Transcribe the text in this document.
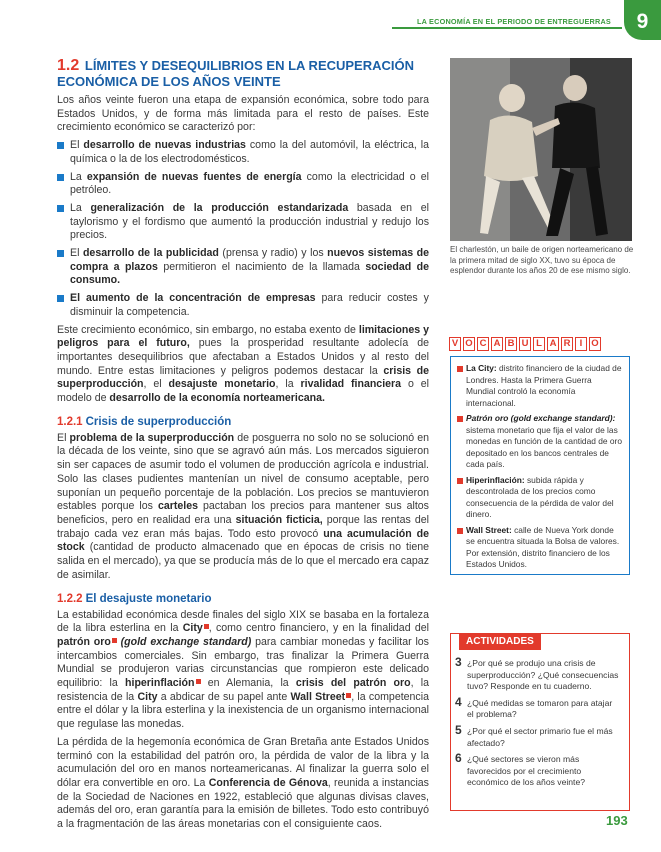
LA ECONOMÍA EN EL PERIODO DE ENTREGUERRAS	9
1.2 LÍMITES Y DESEQUILIBRIOS EN LA RECUPERACIÓN
ECONÓMICA DE LOS AÑOS VEINTE

Los años veinte fueron una etapa de expansión económica, sobre todo para Estados Unidos, y de forma más limitada para el resto de países. Este crecimiento económico se caracterizó por:

El desarrollo de nuevas industrias como la del automóvil, la eléctrica, la química o la de los electrodomésticos.
La expansión de nuevas fuentes de energía como la electricidad o el petróleo.
La generalización de la producción estandarizada basada en el taylorismo y el fordismo que aumentó la producción industrial y redujo los precios.
El desarrollo de la publicidad (prensa y radio) y los nuevos sistemas de compra a plazos permitieron el nacimiento de la llamada sociedad de consumo.
El aumento de la concentración de empresas para reducir costes y disminuir la competencia.

Este crecimiento económico, sin embargo, no estaba exento de limitaciones y peligros para el futuro, pues la prosperidad resultante adolecía de importantes desequilibrios que afectaban a Estados Unidos y al resto del mundo. Entre estas limitaciones y peligros podemos destacar la crisis de superproducción, el desajuste monetario, la rivalidad financiera o el modelo de desarrollo de la economía norteamericana.

1.2.1 Crisis de superproducción

El problema de la superproducción de posguerra no solo no se solucionó en la década de los veinte, sino que se agravó aún más. Los mercados siguieron sin ser capaces de asumir todo el volumen de producción agrícola e industrial. Solo las clases pudientes mantenían un nivel de consumo aceptable, pero suponían un pequeño porcentaje de la población. Los precios se mantuvieron estables porque los carteles pactaban los precios para mantener sus altos beneficios, pero en realidad era una situación ficticia, porque las rentas del trabajo cada vez eran más bajas. Todo esto provocó una acumulación de stock (cantidad de producto almacenado que en épocas de crisis no tiene salida en el mercado), ya que se producía más de lo que el mercado era capaz de asimilar.

1.2.2 El desajuste monetario

La estabilidad económica desde finales del siglo XIX se basaba en la fortaleza de la libra esterlina en la City , como centro financiero, y en la finalidad del patrón oro (gold exchange standard) para cambiar monedas y facilitar los intercambios comerciales. Sin embargo, tras finalizar la Primera Guerra Mundial se produjeron varias circunstancias que rompieron este delicado equilibrio: la hiperinflación en Alemania, la crisis del patrón oro, la resistencia de la City a abdicar de su papel ante Wall Street , la competencia entre el dólar y la libra esterlina y la inexistencia de un organismo internacional que regulase las monedas.

La pérdida de la hegemonía económica de Gran Bretaña ante Estados Unidos terminó con la estabilidad del patrón oro, la pérdida de valor de la libra y la acumulación del oro en manos norteamericanas. Al finalizar la guerra solo el dólar era convertible en oro. La Conferencia de Génova, reunida a instancias de la Sociedad de Naciones en 1922, estableció que algunas divisas claves, además del oro, eran garantía para la emisión de billetes. Todo esto contribuyó a la fragmentación de las áreas monetarias con el consiguiente caos.

El charlestón, un baile de origen norteamericano de la primera mitad de siglo XX, tuvo su época de esplendor durante los años 20 de ese mismo siglo.
V O C A B U L A R I O
La City: distrito financiero de la ciudad de Londres. Hasta la Primera Guerra Mundial controló la economía internacional.
Patrón oro (gold exchange standard): sistema monetario que fija el valor de las monedas en función de la cantidad de oro depositado en los bancos centrales de cada país.
Hiperinflación: subida rápida y descontrolada de los precios como consecuencia de la pérdida de valor del dinero.
Wall Street: calle de Nueva York donde se encuentra situada la Bolsa de valores. Por extensión, distrito financiero de los Estados Unidos.
ACTIVIDADES
3 ¿Por qué se produjo una crisis de superproducción? ¿Qué consecuencias tuvo? Responde en tu cuaderno.
4 ¿Qué medidas se tomaron para atajar el problema?
5 ¿Por qué el sector primario fue el más afectado?
6 ¿Qué sectores se vieron más favorecidos por el crecimiento económico de los años veinte?
193
